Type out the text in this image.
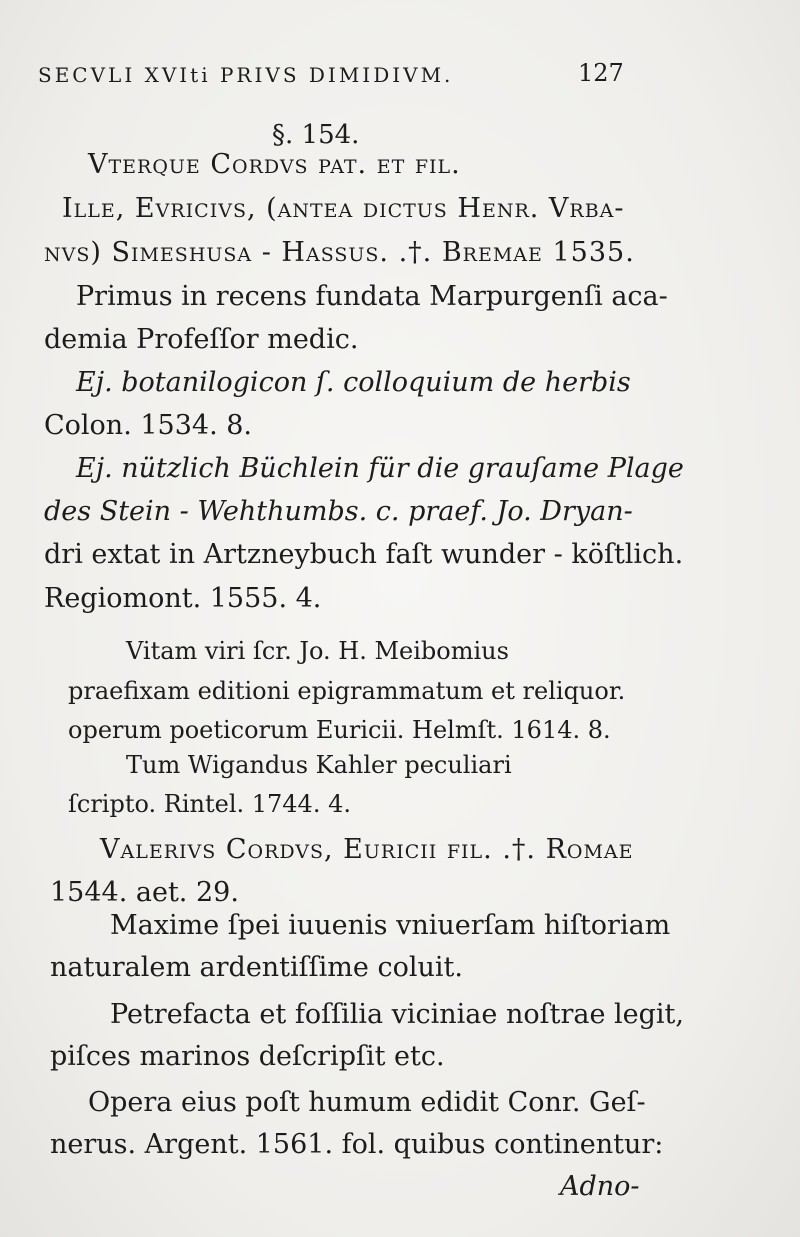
SECVLI XVIti PRIVS DIMIDIVM.	127
§. 154.
Vterque Cordvs pat. et fil.
Ille, Evricivs, (antea dictus Henr. Vrba-
nvs) Simeshuſa - Haſſus. .†. Bremae 1535.
Primus in recens fundata Marpurgenſi aca-
demia Profeſſor medic.
Ej. botanilogicon ſ. colloquium de herbis
Colon. 1534. 8.
Ej. nützlich Büchlein für die grauſame Plage
des Stein - Wehthumbs. c. praef. Jo. Dryan-
dri extat in Artzneybuch faſt wunder - köſtlich.
Regiomont. 1555. 4.
Vitam viri ſcr. Jo. H. Meibomius
praefixam editioni epigrammatum et reliquor.
operum poeticorum Euricii. Helmſt. 1614. 8.
Tum Wigandus Kahler peculiari
ſcripto. Rintel. 1744. 4.
Valerivs Cordvs, Euricii fil. .†. Romae
1544. aet. 29.
Maxime ſpei iuuenis vniuerſam hiſtoriam
naturalem ardentiſſime coluit.
Petrefacta et foſſilia viciniae noſtrae legit,
piſces marinos deſcripſit etc.
Opera eius poſt humum edidit Conr. Geſ-
nerus. Argent. 1561. fol. quibus continentur:
Adno-
